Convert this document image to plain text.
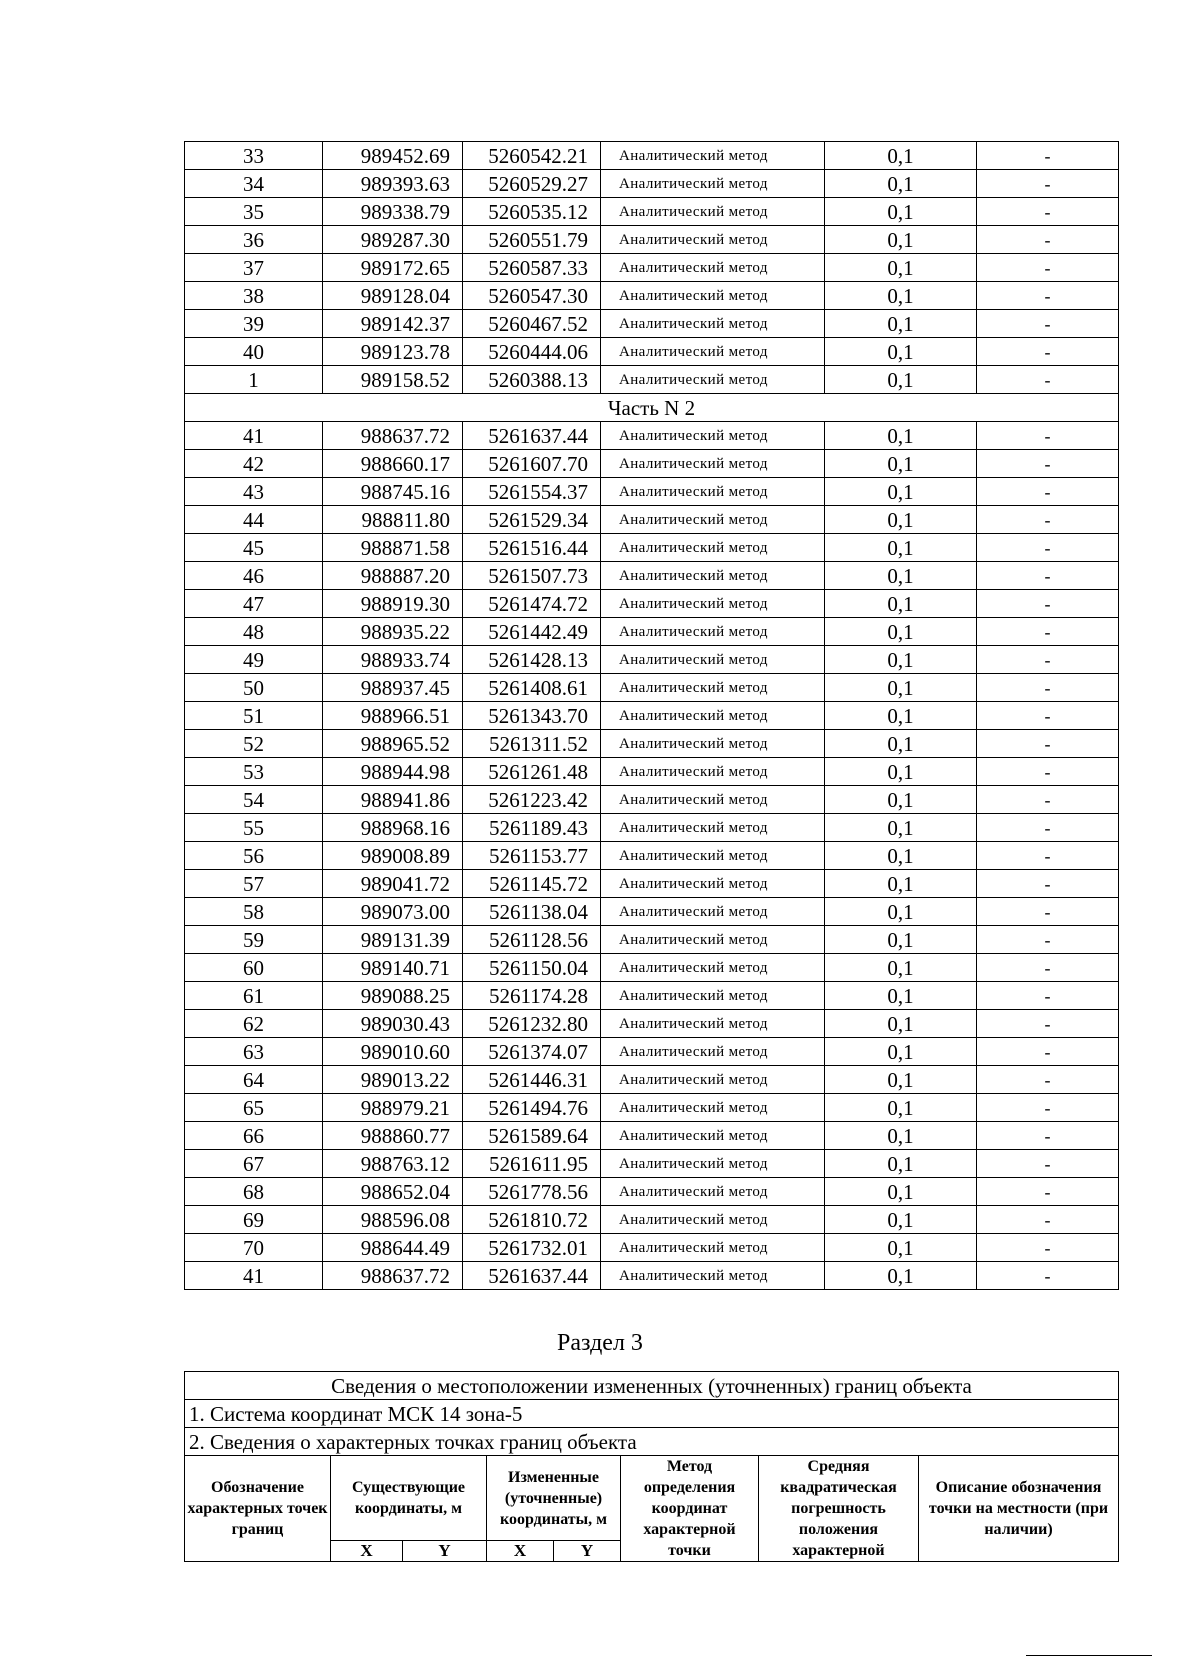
33	989452.69	5260542.21	Аналитический метод	0,1	-
34	989393.63	5260529.27	Аналитический метод	0,1	-
35	989338.79	5260535.12	Аналитический метод	0,1	-
36	989287.30	5260551.79	Аналитический метод	0,1	-
37	989172.65	5260587.33	Аналитический метод	0,1	-
38	989128.04	5260547.30	Аналитический метод	0,1	-
39	989142.37	5260467.52	Аналитический метод	0,1	-
40	989123.78	5260444.06	Аналитический метод	0,1	-
1	989158.52	5260388.13	Аналитический метод	0,1	-
Часть N 2					
41	988637.72	5261637.44	Аналитический метод	0,1	-
42	988660.17	5261607.70	Аналитический метод	0,1	-
43	988745.16	5261554.37	Аналитический метод	0,1	-
44	988811.80	5261529.34	Аналитический метод	0,1	-
45	988871.58	5261516.44	Аналитический метод	0,1	-
46	988887.20	5261507.73	Аналитический метод	0,1	-
47	988919.30	5261474.72	Аналитический метод	0,1	-
48	988935.22	5261442.49	Аналитический метод	0,1	-
49	988933.74	5261428.13	Аналитический метод	0,1	-
50	988937.45	5261408.61	Аналитический метод	0,1	-
51	988966.51	5261343.70	Аналитический метод	0,1	-
52	988965.52	5261311.52	Аналитический метод	0,1	-
53	988944.98	5261261.48	Аналитический метод	0,1	-
54	988941.86	5261223.42	Аналитический метод	0,1	-
55	988968.16	5261189.43	Аналитический метод	0,1	-
56	989008.89	5261153.77	Аналитический метод	0,1	-
57	989041.72	5261145.72	Аналитический метод	0,1	-
58	989073.00	5261138.04	Аналитический метод	0,1	-
59	989131.39	5261128.56	Аналитический метод	0,1	-
60	989140.71	5261150.04	Аналитический метод	0,1	-
61	989088.25	5261174.28	Аналитический метод	0,1	-
62	989030.43	5261232.80	Аналитический метод	0,1	-
63	989010.60	5261374.07	Аналитический метод	0,1	-
64	989013.22	5261446.31	Аналитический метод	0,1	-
65	988979.21	5261494.76	Аналитический метод	0,1	-
66	988860.77	5261589.64	Аналитический метод	0,1	-
67	988763.12	5261611.95	Аналитический метод	0,1	-
68	988652.04	5261778.56	Аналитический метод	0,1	-
69	988596.08	5261810.72	Аналитический метод	0,1	-
70	988644.49	5261732.01	Аналитический метод	0,1	-
41	988637.72	5261637.44	Аналитический метод	0,1	-
Раздел 3
Сведения о местоположении измененных (уточненных) границ объекта							
1. Система координат МСК 14 зона-5							
2. Сведения о характерных точках границ объекта							
Обозначение характерных точек границ	Существующие координаты, м		Измененные (уточненные) координаты, м		Метод определения координат характерной точки	Средняя квадратическая погрешность положения характерной	Описание обозначения точки на местности (при наличии)
	X	Y	X	Y			
